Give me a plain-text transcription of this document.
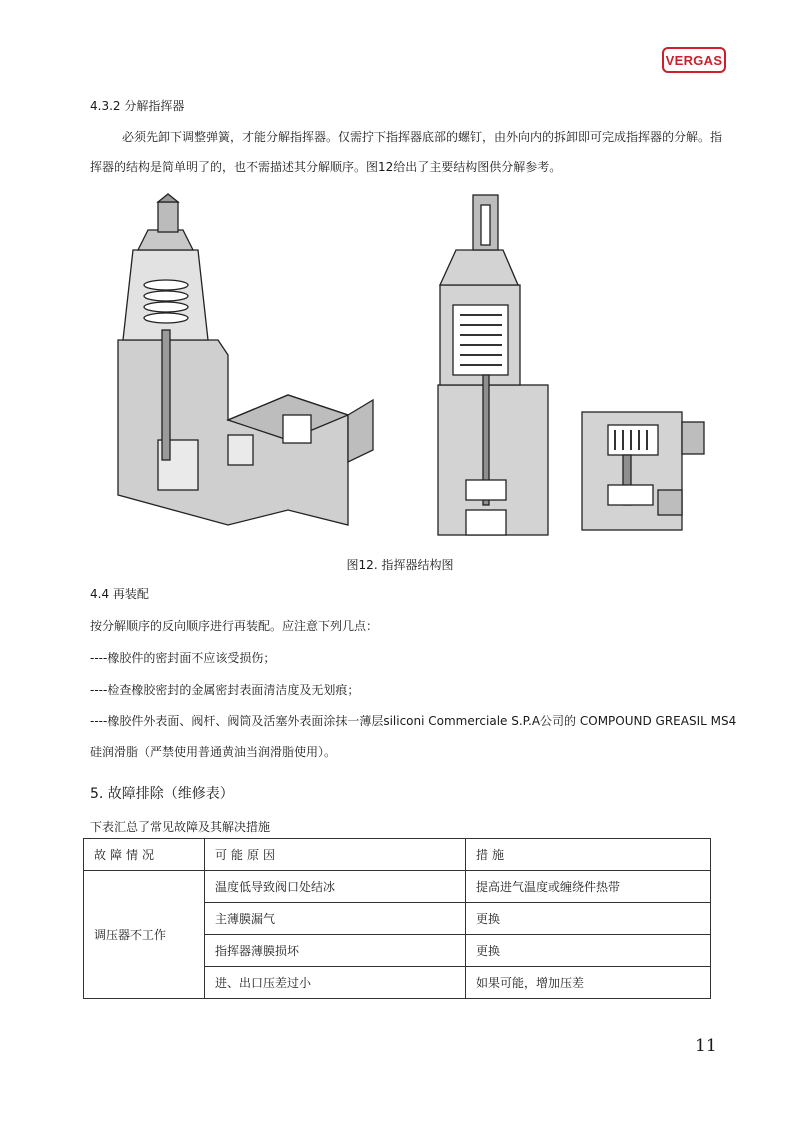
VERGAS
4.3.2 分解指挥器
必须先卸下调整弹簧，才能分解指挥器。仅需拧下指挥器底部的螺钉，由外向内的拆卸即可完成指挥器的分解。指
挥器的结构是简单明了的，也不需描述其分解顺序。图12给出了主要结构图供分解参考。
图12. 指挥器结构图
4.4 再装配
按分解顺序的反向顺序进行再装配。应注意下列几点：
----橡胶件的密封面不应该受损伤；
----检查橡胶密封的金属密封表面清洁度及无划痕；
----橡胶件外表面、阀杆、阀筒及活塞外表面涂抹一薄层siliconi Commerciale S.P.A公司的 COMPOUND GREASIL MS4
硅润滑脂（严禁使用普通黄油当润滑脂使用）。
5. 故障排除（维修表）
下表汇总了常见故障及其解决措施
故障情况	可能原因	措施
调压器不工作	温度低导致阀口处结冰	提高进气温度或缠绕件热带
	主薄膜漏气	更换
	指挥器薄膜损坏	更换
	进、出口压差过小	如果可能，增加压差
11
